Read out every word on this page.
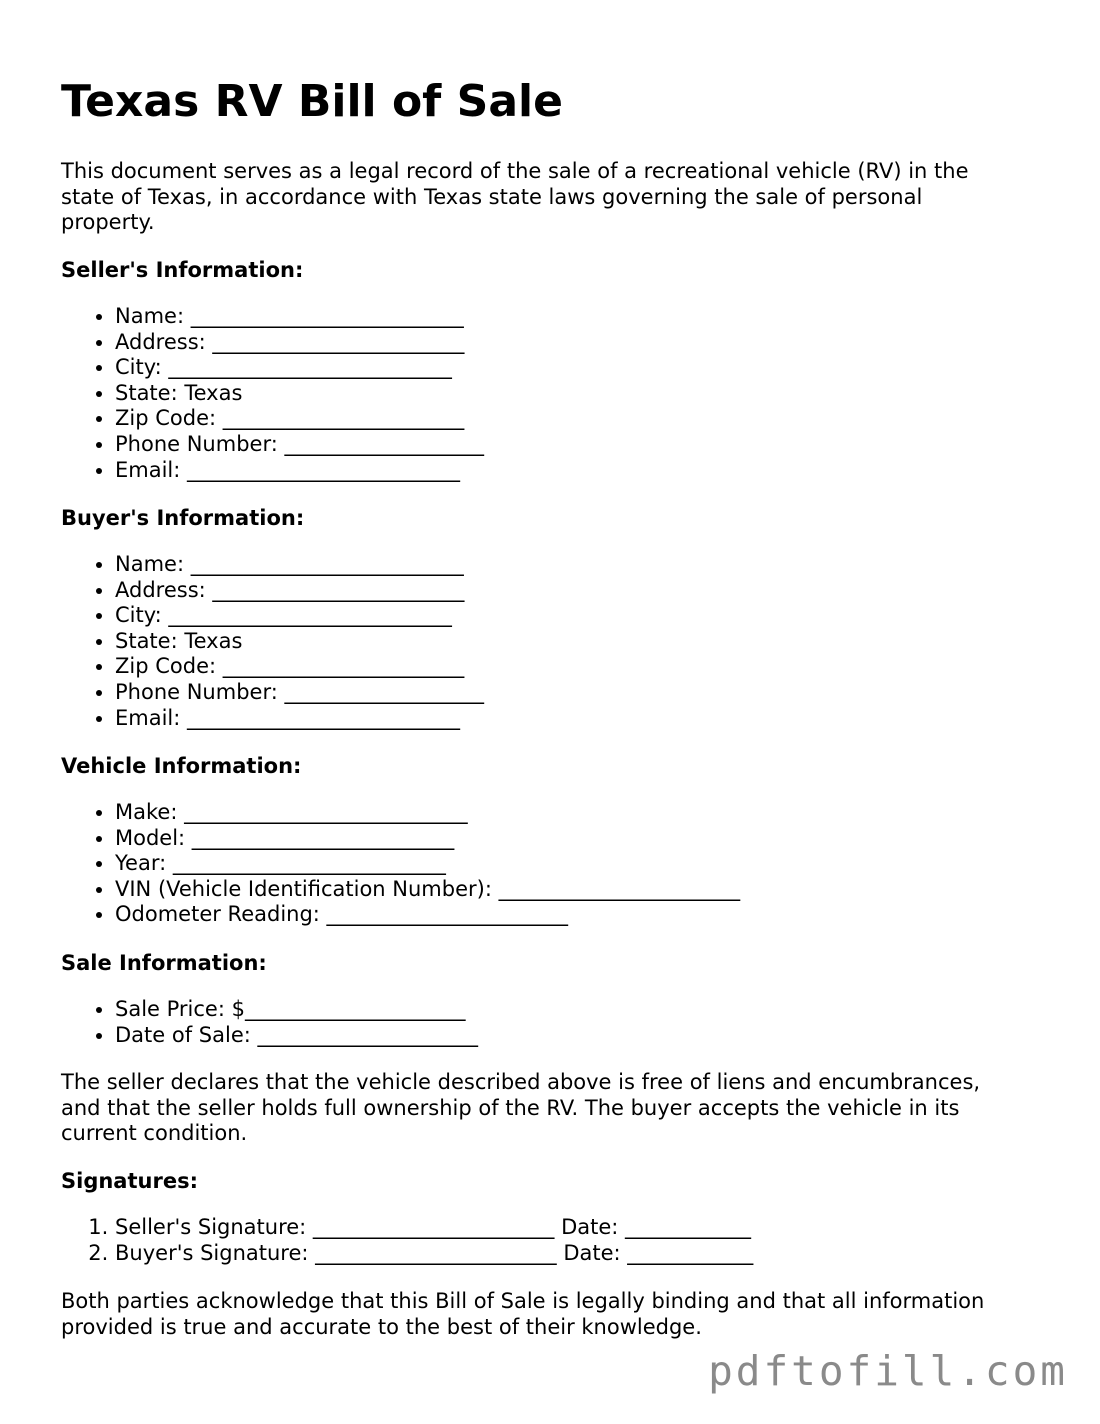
Texas RV Bill of Sale

This document serves as a legal record of the sale of a recreational vehicle (RV) in the state of Texas, in accordance with Texas state laws governing the sale of personal property.

Seller's Information:

• Name: __________________________
• Address: ________________________
• City: ___________________________
• State: Texas
• Zip Code: _______________________
• Phone Number: ___________________
• Email: __________________________

Buyer's Information:

• Name: __________________________
• Address: ________________________
• City: ___________________________
• State: Texas
• Zip Code: _______________________
• Phone Number: ___________________
• Email: __________________________

Vehicle Information:

• Make: ___________________________
• Model: _________________________
• Year: __________________________
• VIN (Vehicle Identification Number): _______________________
• Odometer Reading: _______________________

Sale Information:

• Sale Price: $_____________________
• Date of Sale: _____________________

The seller declares that the vehicle described above is free of liens and encumbrances, and that the seller holds full ownership of the RV. The buyer accepts the vehicle in its current condition.

Signatures:

1. Seller's Signature: _______________________ Date: ____________
2. Buyer's Signature: _______________________ Date: ____________

Both parties acknowledge that this Bill of Sale is legally binding and that all information provided is true and accurate to the best of their knowledge.

pdftofill.com
